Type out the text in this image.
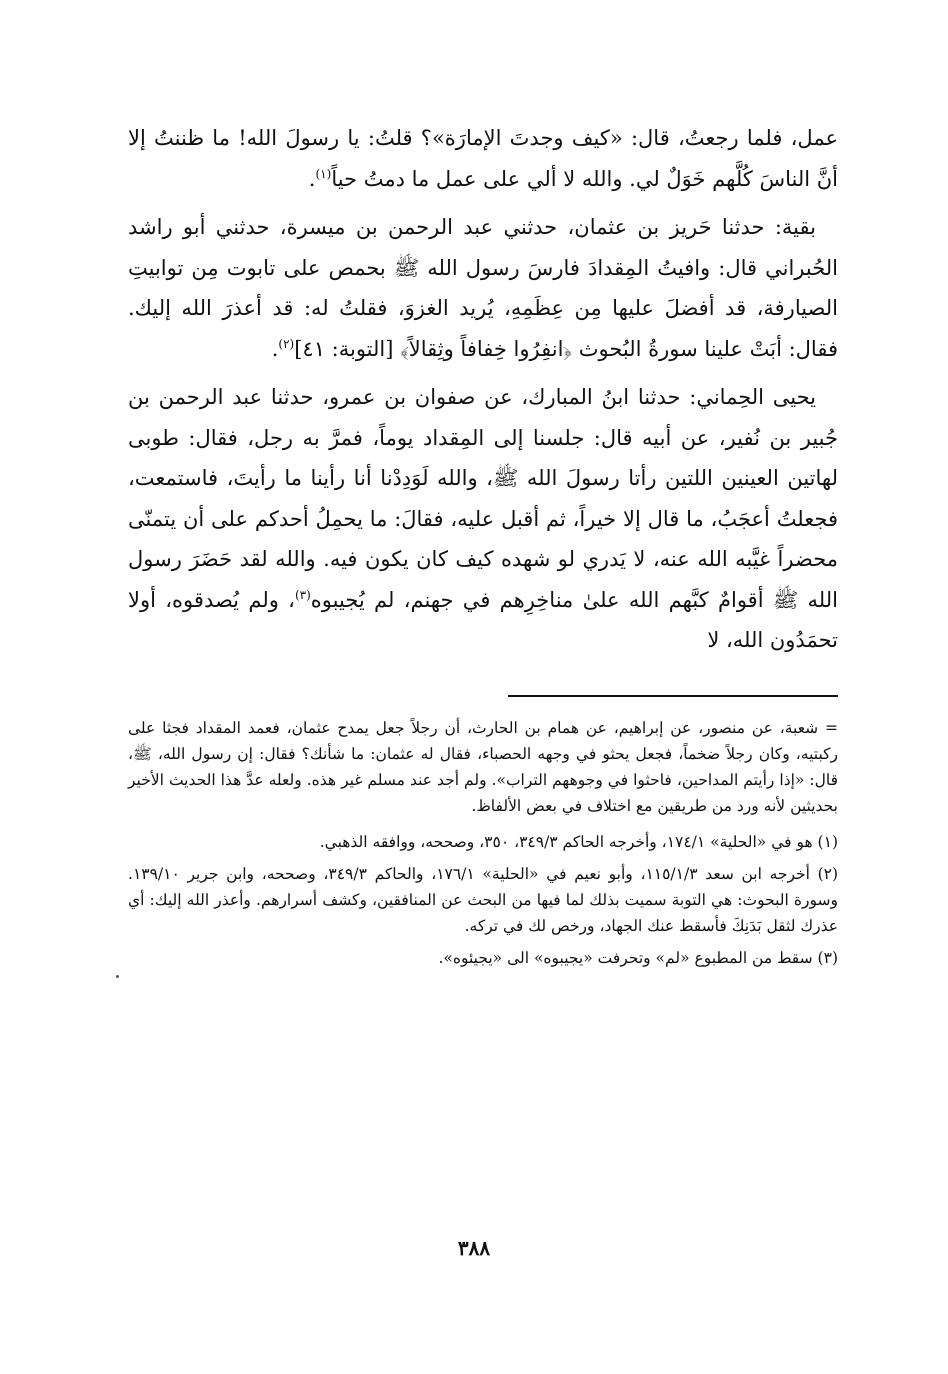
عمل، فلما رجعتُ، قال: «كيف وجدتَ الإمارَة»؟ قلتُ: يا رسولَ الله! ما ظننتُ إلا أنَّ الناسَ كُلَّهم خَوَلٌ لي. والله لا ألي على عمل ما دمتُ حياً$^{(١)}$.

بقية: حدثنا حَريز بن عثمان، حدثني عبد الرحمن بن ميسرة، حدثني أبو راشد الحُبراني قال: وافيتُ المِقدادَ فارسَ رسول الله ﷺ بحمص على تابوت مِن توابيتِ الصيارفة، قد أفضلَ عليها مِن عِظَمِهِ، يُريد الغزوَ، فقلتُ له: قد أعذرَ الله إليك. فقال: أبَتْ علينا سورةُ البُحوث ﴿انفِرُوا خِفافاً وثِقالاً﴾ [التوبة: ٤١]$^{(٢)}$.

يحيى الحِماني: حدثنا ابنُ المبارك، عن صفوان بن عمرو، حدثنا عبد الرحمن بن جُبير بن نُفير، عن أبيه قال: جلسنا إلى المِقداد يوماً، فمرَّ به رجل، فقال: طوبى لهاتين العينين اللتين رأتا رسولَ الله ﷺ، والله لَوَدِدْنا أنا رأينا ما رأيتَ، فاستمعت، فجعلتُ أعجَبُ، ما قال إلا خيراً، ثم أقبل عليه، فقالَ: ما يحمِلُ أحدكم على أن يتمنّى محضراً غيَّبه الله عنه، لا يَدري لو شهده كيف كان يكون فيه. والله لقد حَضَرَ رسول الله ﷺ أقوامٌ كبَّهم الله علىٰ مناخِرِهم في جهنم، لم يُجيبوه$^{(٣)}$، ولم يُصدقوه، أولا تحمَدُون الله، لا

= شعبة، عن منصور، عن إبراهيم، عن همام بن الحارث، أن رجلاً جعل يمدح عثمان، فعمد المقداد فجثا على ركبتيه، وكان رجلاً ضخماً، فجعل يحثو في وجهه الحصباء، فقال له عثمان: ما شأنك؟ فقال: إن رسول الله، ﷺ، قال: «إذا رأيتم المداحين، فاحثوا في وجوههم التراب». ولم أجد عند مسلم غير هذه. ولعله عدَّ هذا الحديث الأخير بحديثين لأنه ورد من طريقين مع اختلاف في بعض الألفاظ.

(١) هو في «الحلية» ١٧٤/١، وأخرجه الحاكم ٣٤٩/٣، ٣٥٠، وصححه، ووافقه الذهبي.

(٢) أخرجه ابن سعد ١١٥/١/٣، وأبو نعيم في «الحلية» ١٧٦/١، والحاكم ٣٤٩/٣، وصححه، وابن جرير ١٣٩/١٠. وسورة البحوث: هي التوبة سميت بذلك لما فيها من البحث عن المنافقين، وكشف أسرارهم. وأعذر الله إليك: أي عذرك لثقل بَدَنِكَ فأسقط عنك الجهاد، ورخص لك في تركه.

(٣) سقط من المطبوع «لم» وتحرفت «يجيبوه» الى «يجيئوه».

٣٨٨
